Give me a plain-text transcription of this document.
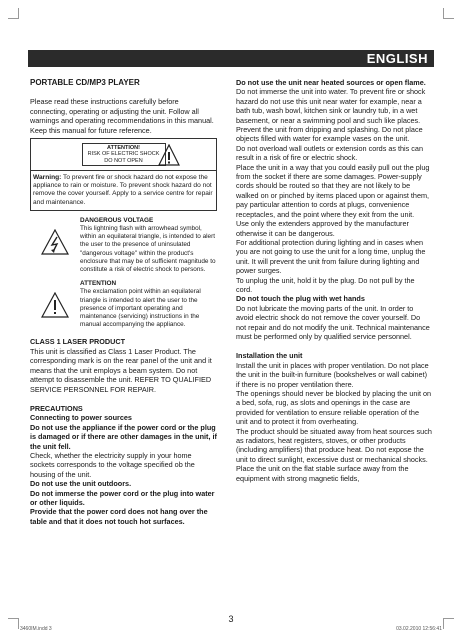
ENGLISH

PORTABLE CD/MP3 PLAYER

Please read these instructions carefully before connecting, operating or adjusting the unit. Follow all warnings and operating recommendations in this manual.

Keep this manual for future reference.

ATTENTION!
RISK OF ELECTRIC SHOCK
DO NOT OPEN
Warning: To prevent fire or shock hazard do not expose the appliance to rain or moisture. To prevent shock hazard do not remove the cover yourself. Apply to a service centre for repair and maintenance.
DANGEROUS VOLTAGE
This lightning flash with arrowhead symbol, within an equilateral triangle, is intended to alert the user to the presence of uninsulated "dangerous voltage" within the product's enclosure that may be of sufficient magnitude to constitute a risk of electric shock to persons.
ATTENTION
The exclamation point within an equilateral triangle is intended to alert the user to the presence of important operating and maintenance (servicing) instructions in the manual accompanying the appliance.

CLASS 1 LASER PRODUCT

This unit is classified as Class 1 Laser Product. The corresponding mark is on the rear panel of the unit and it means that the unit employs a beam system. Do not attempt to disassemble the unit. REFER TO QUALIFIED SERVICE PERSONNEL FOR REPAIR.

PRECAUTIONS

Connecting to power sources

Do not use the appliance if the power cord or the plug is damaged or if there are other damages in the unit, if the unit fell.

Check, whether the electricity supply in your home sockets corresponds to the voltage specified ob the housing of the unit.

Do not use the unit outdoors.

Do not immerse the power cord or the plug into water or other liquids.

Provide that the power cord does not hang over the table and that it does not touch hot surfaces.

Do not use the unit near heated sources or open flame.

Do not immerse the unit into water. To prevent fire or shock hazard do not use this unit near water for example, near a bath tub, wash bowl, kitchen sink or laundry tub, in a wet basement, or near a swimming pool and such like places. Prevent the unit from dripping and splashing. Do not place objects filled with water for example vases on the unit.

Do not overload wall outlets or extension cords as this can result in a risk of fire or electric shock.

Place the unit in a way that you could easily pull out the plug from the socket if there are some damages. Power-supply cords should be routed so that they are not likely to be walked on or pinched by items placed upon or against them, pay particular attention to cords at plugs, convenience receptacles, and the point where they exit from the unit.

Use only the extenders approved by the manufacturer otherwise it can be dangerous.

For additional protection during lighting and in cases when you are not going to use the unit for a long time, unplug the unit. It will prevent the unit from failure during lighting and power surges.

To unplug the unit, hold it by the plug. Do not pull by the cord.

Do not touch the plug with wet hands

Do not lubricate the moving parts of the unit. In order to avoid electric shock do not remove the cover yourself. Do not repair and do not modify the unit. Technical maintenance must be performed only by qualified service personnel.

Installation the unit

Install the unit in places with proper ventilation. Do not place the unit in the built-in furniture (bookshelves or wall cabinet) if there is no proper ventilation there.

The openings should never be blocked by placing the unit on a bed, sofa, rug, as slots and openings in the case are provided for ventilation to ensure reliable operation of the unit and to protect it from overheating.

The product should be situated away from heat sources such as radiators, heat registers, stoves, or other products (including amplifiers) that produce heat. Do not expose the unit to direct sunlight, excessive dust or mechanical shocks.

Place the unit on the flat stable surface away from the equipment with strong magnetic fields,

3
3460IM.indd 3	03.02.2010 12:56:41
